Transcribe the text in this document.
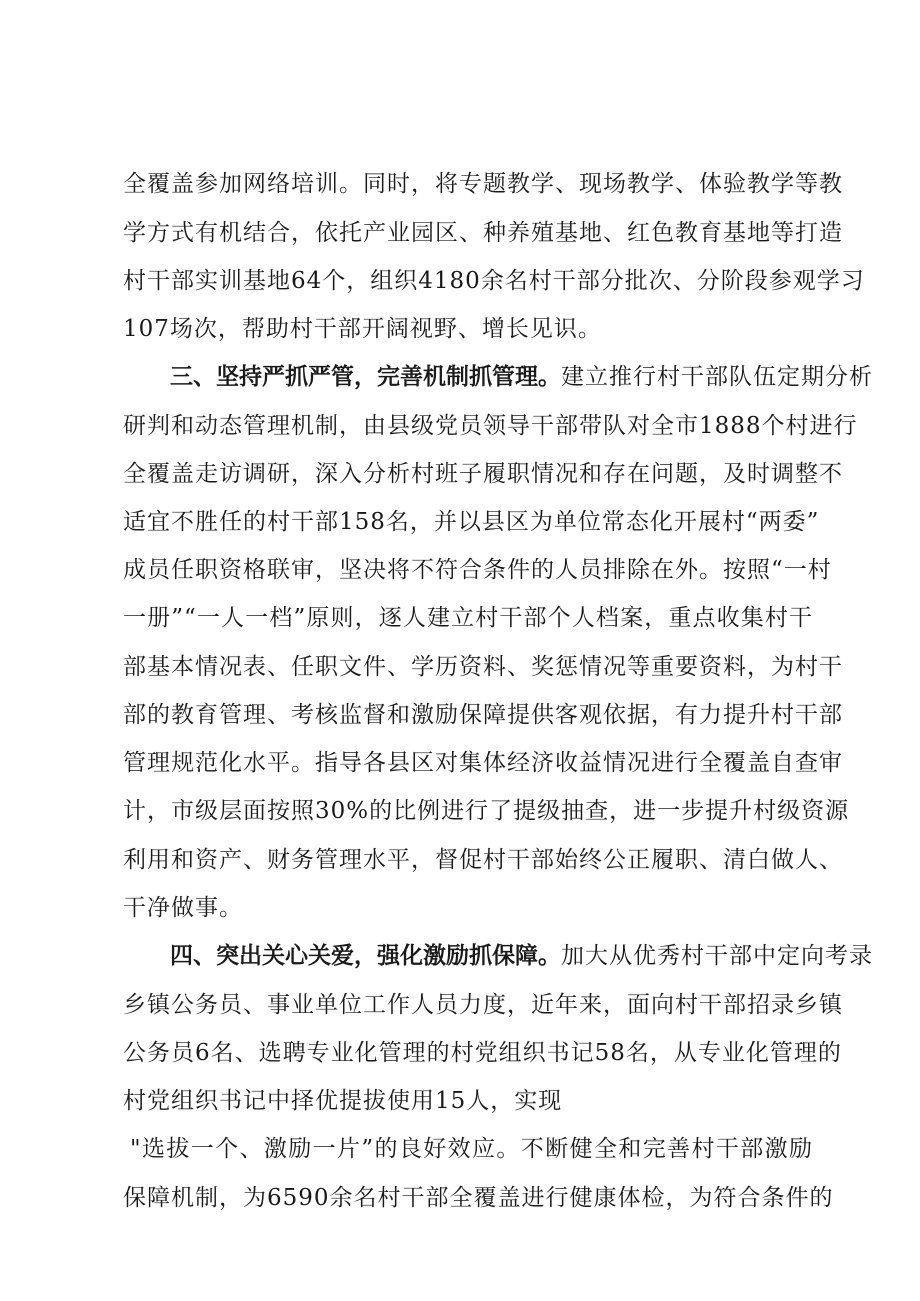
全覆盖参加网络培训。同时，将专题教学、现场教学、体验教学等教
学方式有机结合，依托产业园区、种养殖基地、红色教育基地等打造
村干部实训基地64个，组织4180余名村干部分批次、分阶段参观学习
107场次，帮助村干部开阔视野、增长见识。
三、坚持严抓严管，完善机制抓管理。建立推行村干部队伍定期分析
研判和动态管理机制，由县级党员领导干部带队对全市1888个村进行
全覆盖走访调研，深入分析村班子履职情况和存在问题，及时调整不
适宜不胜任的村干部158名，并以县区为单位常态化开展村“两委”
成员任职资格联审，坚决将不符合条件的人员排除在外。按照“一村
一册”“一人一档”原则，逐人建立村干部个人档案，重点收集村干
部基本情况表、任职文件、学历资料、奖惩情况等重要资料，为村干
部的教育管理、考核监督和激励保障提供客观依据，有力提升村干部
管理规范化水平。指导各县区对集体经济收益情况进行全覆盖自查审
计，市级层面按照30%的比例进行了提级抽查，进一步提升村级资源
利用和资产、财务管理水平，督促村干部始终公正履职、清白做人、
干净做事。
四、突出关心关爱，强化激励抓保障。加大从优秀村干部中定向考录
乡镇公务员、事业单位工作人员力度，近年来，面向村干部招录乡镇
公务员6名、选聘专业化管理的村党组织书记58名，从专业化管理的
村党组织书记中择优提拔使用15人，实现
"选拔一个、激励一片”的良好效应。不断健全和完善村干部激励
保障机制，为6590余名村干部全覆盖进行健康体检，为符合条件的
